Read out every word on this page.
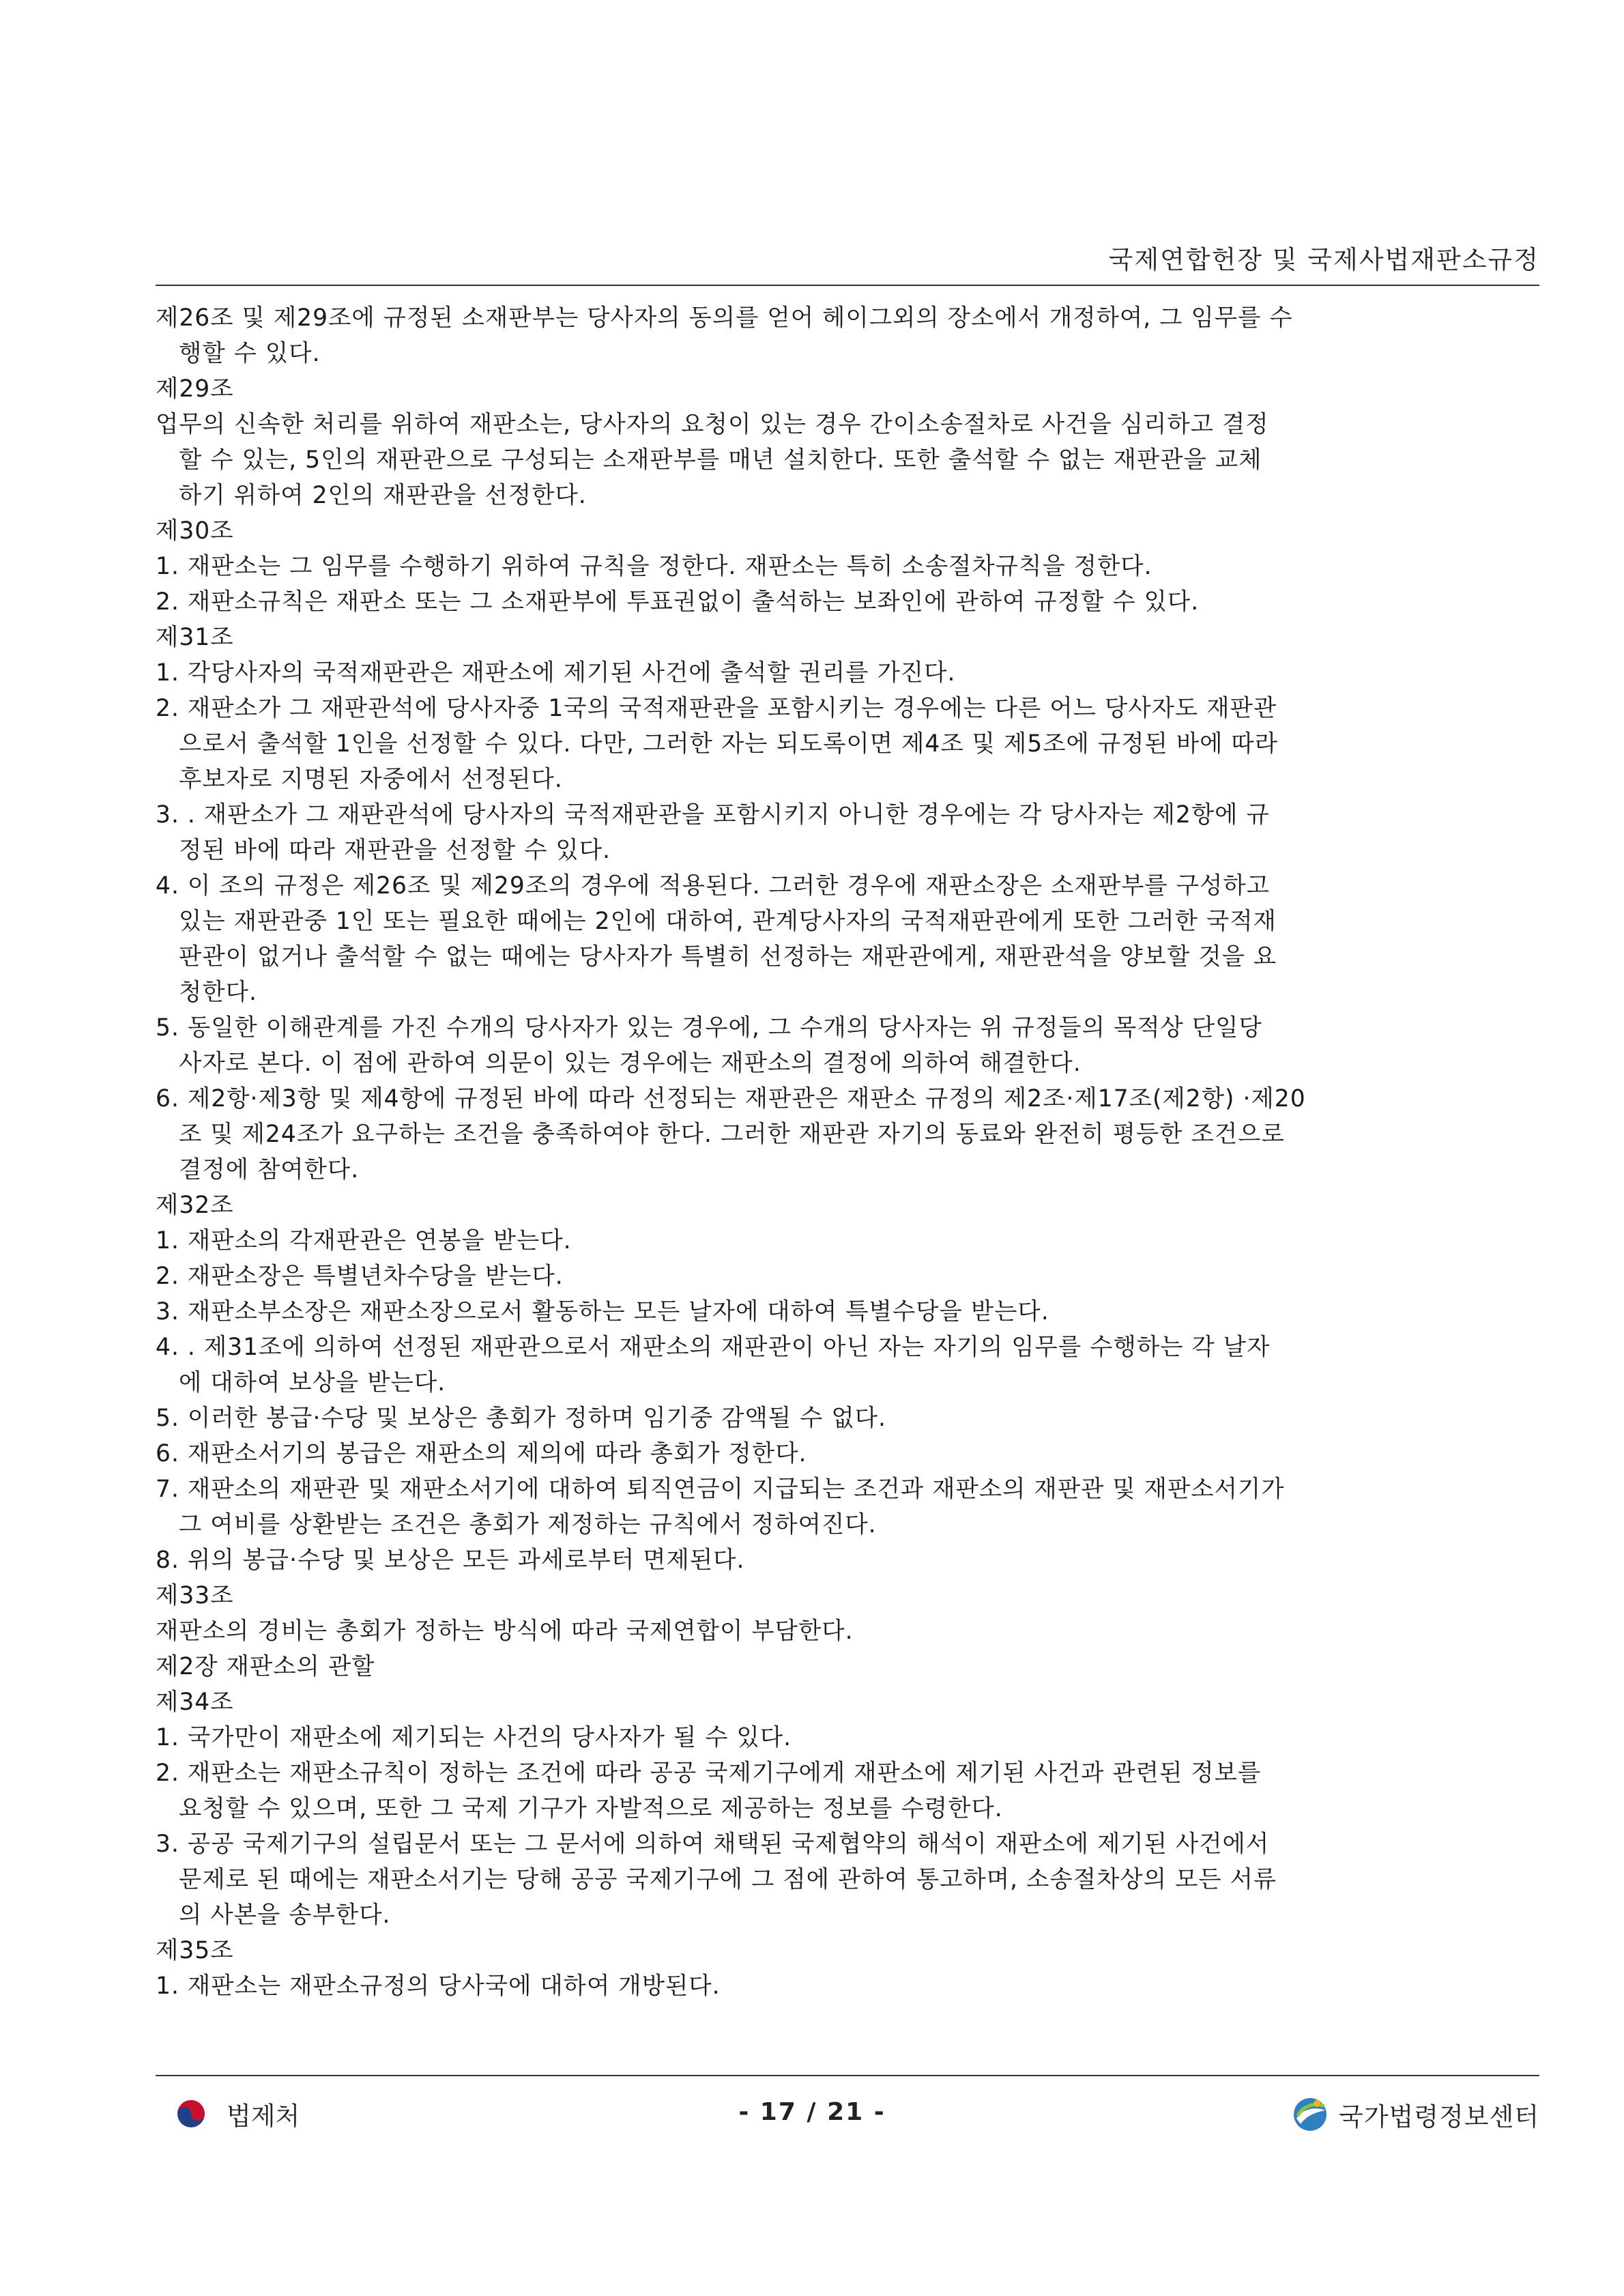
국제연합헌장 및 국제사법재판소규정
제26조 및 제29조에 규정된 소재판부는 당사자의 동의를 얻어 헤이그외의 장소에서 개정하여, 그 임무를 수
행할 수 있다.
제29조
업무의 신속한 처리를 위하여 재판소는, 당사자의 요청이 있는 경우 간이소송절차로 사건을 심리하고 결정
할 수 있는, 5인의 재판관으로 구성되는 소재판부를 매년 설치한다. 또한 출석할 수 없는 재판관을 교체
하기 위하여 2인의 재판관을 선정한다.
제30조
1. 재판소는 그 임무를 수행하기 위하여 규칙을 정한다. 재판소는 특히 소송절차규칙을 정한다.
2. 재판소규칙은 재판소 또는 그 소재판부에 투표권없이 출석하는 보좌인에 관하여 규정할 수 있다.
제31조
1. 각당사자의 국적재판관은 재판소에 제기된 사건에 출석할 권리를 가진다.
2. 재판소가 그 재판관석에 당사자중 1국의 국적재판관을 포함시키는 경우에는 다른 어느 당사자도 재판관
으로서 출석할 1인을 선정할 수 있다. 다만, 그러한 자는 되도록이면 제4조 및 제5조에 규정된 바에 따라
후보자로 지명된 자중에서 선정된다.
3. . 재판소가 그 재판관석에 당사자의 국적재판관을 포함시키지 아니한 경우에는 각 당사자는 제2항에 규
정된 바에 따라 재판관을 선정할 수 있다.
4. 이 조의 규정은 제26조 및 제29조의 경우에 적용된다. 그러한 경우에 재판소장은 소재판부를 구성하고
있는 재판관중 1인 또는 필요한 때에는 2인에 대하여, 관계당사자의 국적재판관에게 또한 그러한 국적재
판관이 없거나 출석할 수 없는 때에는 당사자가 특별히 선정하는 재판관에게, 재판관석을 양보할 것을 요
청한다.
5. 동일한 이해관계를 가진 수개의 당사자가 있는 경우에, 그 수개의 당사자는 위 규정들의 목적상 단일당
사자로 본다. 이 점에 관하여 의문이 있는 경우에는 재판소의 결정에 의하여 해결한다.
6. 제2항·제3항 및 제4항에 규정된 바에 따라 선정되는 재판관은 재판소 규정의 제2조·제17조(제2항) ·제20
조 및 제24조가 요구하는 조건을 충족하여야 한다. 그러한 재판관 자기의 동료와 완전히 평등한 조건으로
결정에 참여한다.
제32조
1. 재판소의 각재판관은 연봉을 받는다.
2. 재판소장은 특별년차수당을 받는다.
3. 재판소부소장은 재판소장으로서 활동하는 모든 날자에 대하여 특별수당을 받는다.
4. . 제31조에 의하여 선정된 재판관으로서 재판소의 재판관이 아닌 자는 자기의 임무를 수행하는 각 날자
에 대하여 보상을 받는다.
5. 이러한 봉급·수당 및 보상은 총회가 정하며 임기중 감액될 수 없다.
6. 재판소서기의 봉급은 재판소의 제의에 따라 총회가 정한다.
7. 재판소의 재판관 및 재판소서기에 대하여 퇴직연금이 지급되는 조건과 재판소의 재판관 및 재판소서기가
그 여비를 상환받는 조건은 총회가 제정하는 규칙에서 정하여진다.
8. 위의 봉급·수당 및 보상은 모든 과세로부터 면제된다.
제33조
재판소의 경비는 총회가 정하는 방식에 따라 국제연합이 부담한다.
제2장 재판소의 관할
제34조
1. 국가만이 재판소에 제기되는 사건의 당사자가 될 수 있다.
2. 재판소는 재판소규칙이 정하는 조건에 따라 공공 국제기구에게 재판소에 제기된 사건과 관련된 정보를
요청할 수 있으며, 또한 그 국제 기구가 자발적으로 제공하는 정보를 수령한다.
3. 공공 국제기구의 설립문서 또는 그 문서에 의하여 채택된 국제협약의 해석이 재판소에 제기된 사건에서
문제로 된 때에는 재판소서기는 당해 공공 국제기구에 그 점에 관하여 통고하며, 소송절차상의 모든 서류
의 사본을 송부한다.
제35조
1. 재판소는 재판소규정의 당사국에 대하여 개방된다.
법제처	- 17 / 21 -	국가법령정보센터
